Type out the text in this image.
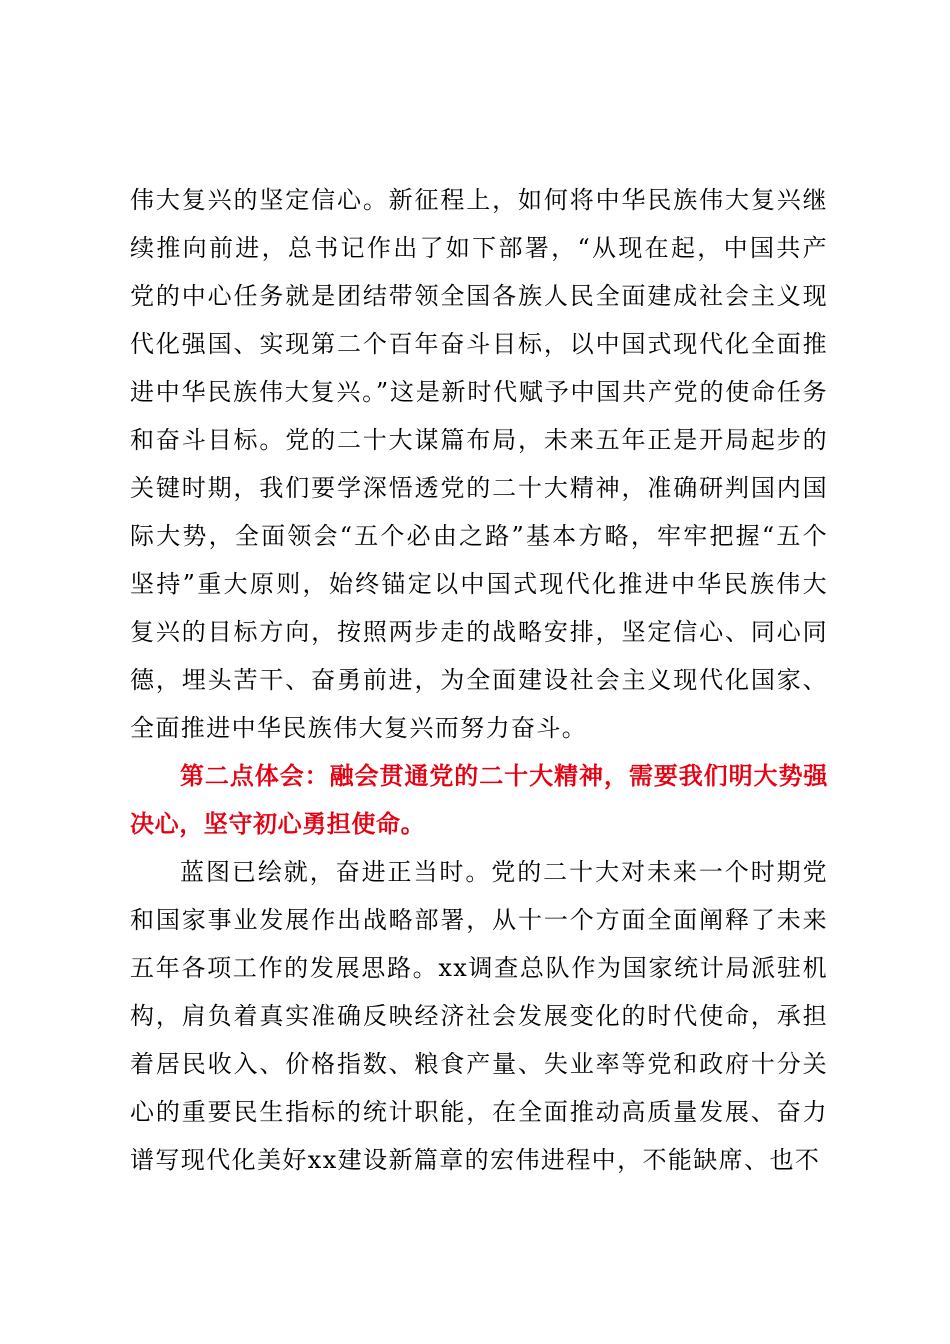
伟大复兴的坚定信心。新征程上，如何将中华民族伟大复兴继续推向前进，总书记作出了如下部署，“从现在起，中国共产党的中心任务就是团结带领全国各族人民全面建成社会主义现代化强国、实现第二个百年奋斗目标，以中国式现代化全面推进中华民族伟大复兴。”这是新时代赋予中国共产党的使命任务和奋斗目标。党的二十大谋篇布局，未来五年正是开局起步的关键时期，我们要学深悟透党的二十大精神，准确研判国内国际大势，全面领会“五个必由之路”基本方略，牢牢把握“五个坚持”重大原则，始终锚定以中国式现代化推进中华民族伟大复兴的目标方向，按照两步走的战略安排，坚定信心、同心同德，埋头苦干、奋勇前进，为全面建设社会主义现代化国家、全面推进中华民族伟大复兴而努力奋斗。

第二点体会：融会贯通党的二十大精神，需要我们明大势强决心，坚守初心勇担使命。

蓝图已绘就，奋进正当时。党的二十大对未来一个时期党和国家事业发展作出战略部署，从十一个方面全面阐释了未来五年各项工作的发展思路。xx调查总队作为国家统计局派驻机构，肩负着真实准确反映经济社会发展变化的时代使命，承担着居民收入、价格指数、粮食产量、失业率等党和政府十分关心的重要民生指标的统计职能，在全面推动高质量发展、奋力谱写现代化美好xx建设新篇章的宏伟进程中，不能缺席、也不
